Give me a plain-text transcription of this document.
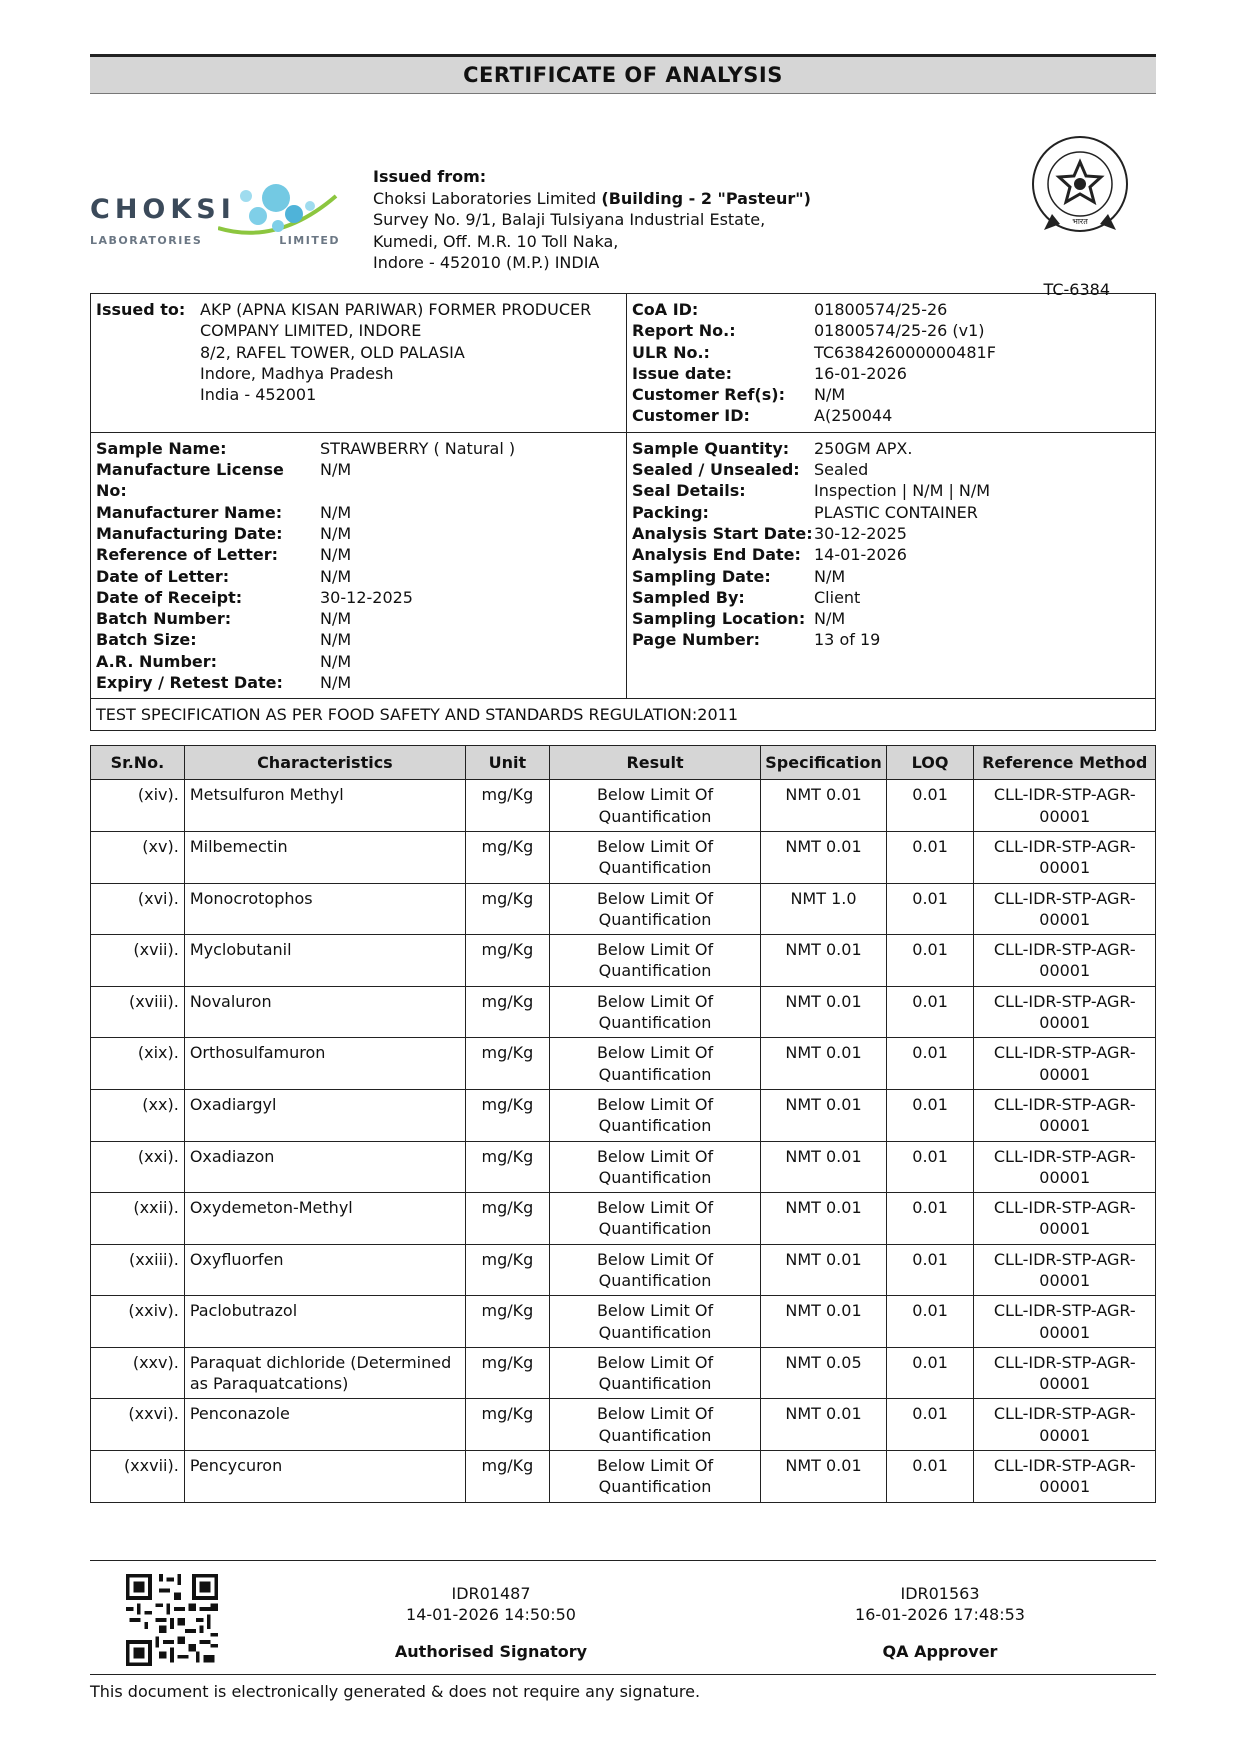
CERTIFICATE OF ANALYSIS
CHOKSI
LABORATORIES	LIMITED
Issued from:
Choksi Laboratories Limited (Building - 2 "Pasteur")
Survey No. 9/1, Balaji Tulsiyana Industrial Estate,
Kumedi, Off. M.R. 10 Toll Naka,
Indore - 452010 (M.P.) INDIA
भारत
TC-6384
Issued to: AKP (APNA KISAN PARIWAR) FORMER PRODUCER
COMPANY LIMITED, INDORE
8/2, RAFEL TOWER, OLD PALASIA
Indore, Madhya Pradesh
India - 452001
CoA ID:	01800574/25-26
Report No.:	01800574/25-26 (v1)
ULR No.:	TC638426000000481F
Issue date:	16-01-2026
Customer Ref(s):	N/M
Customer ID:	A(250044
Sample Name:	STRAWBERRY ( Natural )
Manufacture License No:
N/M
Manufacturer Name:	N/M
Manufacturing Date:	N/M
Reference of Letter:	N/M
Date of Letter:	N/M
Date of Receipt:	30-12-2025
Batch Number:	N/M
Batch Size:	N/M
A.R. Number:	N/M
Expiry / Retest Date:	N/M
Sample Quantity:	250GM APX.
Sealed / Unsealed: Sealed
Seal Details:	Inspection | N/M | N/M
Packing:	PLASTIC CONTAINER
Analysis Start Date: 30-12-2025
Analysis End Date: 14-01-2026
Sampling Date:	N/M
Sampled By:	Client
Sampling Location: N/M
Page Number:	13 of 19
TEST SPECIFICATION AS PER FOOD SAFETY AND STANDARDS REGULATION:2011
Sr.No.	Characteristics	Unit	Result	Specification	LOQ	Reference Method
(xiv).	Metsulfuron Methyl	mg/Kg	Below Limit Of Quantification	NMT 0.01	0.01	CLL-IDR-STP-AGR-00001
(xv).	Milbemectin	mg/Kg	Below Limit Of Quantification	NMT 0.01	0.01	CLL-IDR-STP-AGR-00001
(xvi).	Monocrotophos	mg/Kg	Below Limit Of Quantification	NMT 1.0	0.01	CLL-IDR-STP-AGR-00001
(xvii).	Myclobutanil	mg/Kg	Below Limit Of Quantification	NMT 0.01	0.01	CLL-IDR-STP-AGR-00001
(xviii).	Novaluron	mg/Kg	Below Limit Of Quantification	NMT 0.01	0.01	CLL-IDR-STP-AGR-00001
(xix).	Orthosulfamuron	mg/Kg	Below Limit Of Quantification	NMT 0.01	0.01	CLL-IDR-STP-AGR-00001
(xx).	Oxadiargyl	mg/Kg	Below Limit Of Quantification	NMT 0.01	0.01	CLL-IDR-STP-AGR-00001
(xxi).	Oxadiazon	mg/Kg	Below Limit Of Quantification	NMT 0.01	0.01	CLL-IDR-STP-AGR-00001
(xxii).	Oxydemeton-Methyl	mg/Kg	Below Limit Of Quantification	NMT 0.01	0.01	CLL-IDR-STP-AGR-00001
(xxiii).	Oxyfluorfen	mg/Kg	Below Limit Of Quantification	NMT 0.01	0.01	CLL-IDR-STP-AGR-00001
(xxiv).	Paclobutrazol	mg/Kg	Below Limit Of Quantification	NMT 0.01	0.01	CLL-IDR-STP-AGR-00001
(xxv).	Paraquat dichloride (Determined as Paraquatcations)	mg/Kg	Below Limit Of Quantification	NMT 0.05	0.01	CLL-IDR-STP-AGR-00001
(xxvi).	Penconazole	mg/Kg	Below Limit Of Quantification	NMT 0.01	0.01	CLL-IDR-STP-AGR-00001
(xxvii).	Pencycuron	mg/Kg	Below Limit Of Quantification	NMT 0.01	0.01	CLL-IDR-STP-AGR-00001
IDR01487
14-01-2026 14:50:50
Authorised Signatory
IDR01563
16-01-2026 17:48:53
QA Approver
This document is electronically generated & does not require any signature.
